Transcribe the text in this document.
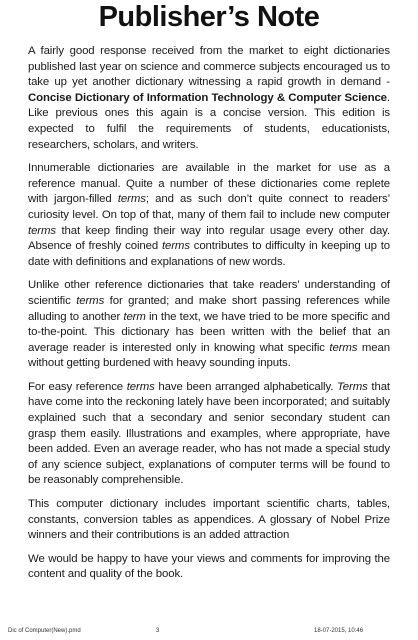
Publisher’s Note

A fairly good response received from the market to eight dictionaries published last year on science and commerce subjects encouraged us to take up yet another dictionary witnessing a rapid growth in demand - Concise Dictionary of Information Technology & Computer Science. Like previous ones this again is a concise version. This edition is expected to fulfil the requirements of students, educationists, researchers, scholars, and writers.

Innumerable dictionaries are available in the market for use as a reference manual. Quite a number of these dictionaries come replete with jargon-filled terms; and as such don’t quite connect to readers’ curiosity level. On top of that, many of them fail to include new computer terms that keep finding their way into regular usage every other day. Absence of freshly coined terms contributes to difficulty in keeping up to date with definitions and explanations of new words.

Unlike other reference dictionaries that take readers’ understanding of scientific terms for granted; and make short passing references while alluding to another term in the text, we have tried to be more specific and to-the-point. This dictionary has been written with the belief that an average reader is interested only in knowing what specific terms mean without getting burdened with heavy sounding inputs.

For easy reference terms have been arranged alphabetically. Terms that have come into the reckoning lately have been incorporated; and suitably explained such that a secondary and senior secondary student can grasp them easily. Illustrations and examples, where appropriate, have been added. Even an average reader, who has not made a special study of any science subject, explanations of computer terms will be found to be reasonably comprehensible.

This computer dictionary includes important scientific charts, tables, constants, conversion tables as appendices. A glossary of Nobel Prize winners and their contributions is an added attraction

We would be happy to have your views and comments for improving the content and quality of the book.

Dic of Computer(New).pmd	3	18-07-2015, 10:46
